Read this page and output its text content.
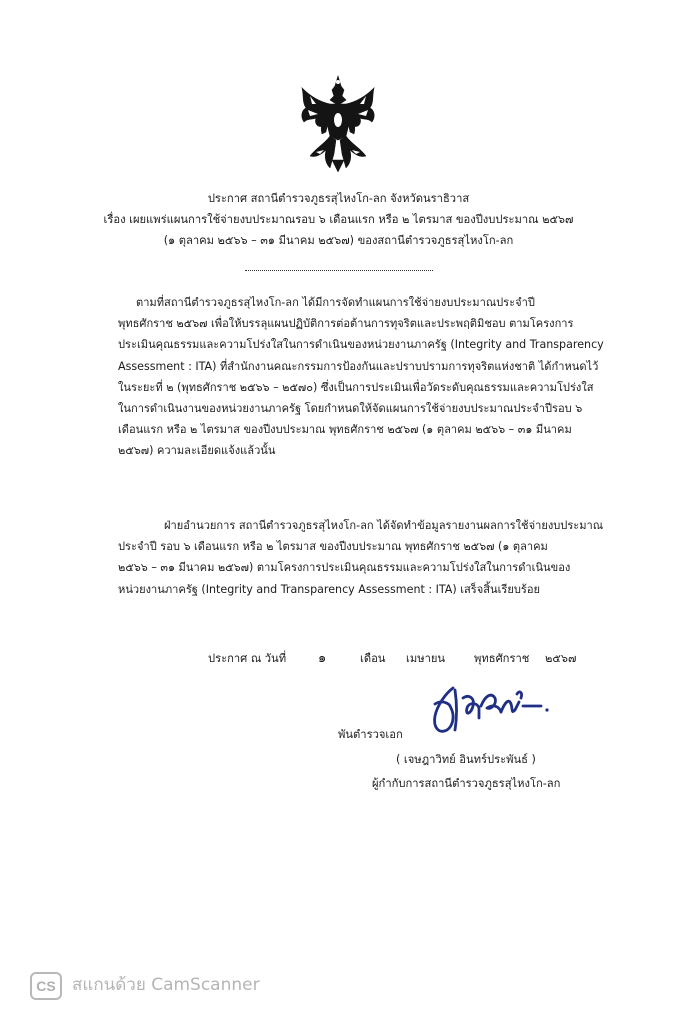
ประกาศ สถานีตำรวจภูธรสุไหงโก-ลก จังหวัดนราธิวาส
เรื่อง เผยแพร่แผนการใช้จ่ายงบประมาณรอบ ๖ เดือนแรก หรือ ๒ ไตรมาส ของปีงบประมาณ ๒๕๖๗
(๑ ตุลาคม ๒๕๖๖ – ๓๑ มีนาคม ๒๕๖๗) ของสถานีตำรวจภูธรสุไหงโก-ลก
ตามที่สถานีตำรวจภูธรสุไหงโก-ลก ได้มีการจัดทำแผนการใช้จ่ายงบประมาณประจำปี
พุทธศักราช ๒๕๖๗ เพื่อให้บรรลุแผนปฏิบัติการต่อต้านการทุจริตและประพฤติมิชอบ ตามโครงการ
ประเมินคุณธรรมและความโปร่งใสในการดำเนินของหน่วยงานภาครัฐ (Integrity and Transparency
Assessment : ITA) ที่สำนักงานคณะกรรมการป้องกันและปราบปรามการทุจริตแห่งชาติ ได้กำหนดไว้
ในระยะที่ ๒ (พุทธศักราช ๒๕๖๖ – ๒๕๗๐) ซึ่งเป็นการประเมินเพื่อวัดระดับคุณธรรมและความโปร่งใส
ในการดำเนินงานของหน่วยงานภาครัฐ โดยกำหนดให้จัดแผนการใช้จ่ายงบประมาณประจำปีรอบ ๖
เดือนแรก หรือ ๒ ไตรมาส ของปีงบประมาณ พุทธศักราช ๒๕๖๗ (๑ ตุลาคม ๒๕๖๖ – ๓๑ มีนาคม
๒๕๖๗) ความละเอียดแจ้งแล้วนั้น
ฝ่ายอำนวยการ สถานีตำรวจภูธรสุไหงโก-ลก ได้จัดทำข้อมูลรายงานผลการใช้จ่ายงบประมาณ
ประจำปี รอบ ๖ เดือนแรก หรือ ๒ ไตรมาส ของปีงบประมาณ พุทธศักราช ๒๕๖๗ (๑ ตุลาคม
๒๕๖๖ – ๓๑ มีนาคม ๒๕๖๗) ตามโครงการประเมินคุณธรรมและความโปร่งใสในการดำเนินของ
หน่วยงานภาครัฐ (Integrity and Transparency Assessment : ITA) เสร็จสิ้นเรียบร้อย
ประกาศ ณ วันที่ ๑	เดือน เมษายน	พุทธศักราช ๒๕๖๗
พันตำรวจเอก
( เจษฎาวิทย์ อินทร์ประพันธ์ )
ผู้กำกับการสถานีตำรวจภูธรสุไหงโก-ลก
CS สแกนด้วย CamScanner
